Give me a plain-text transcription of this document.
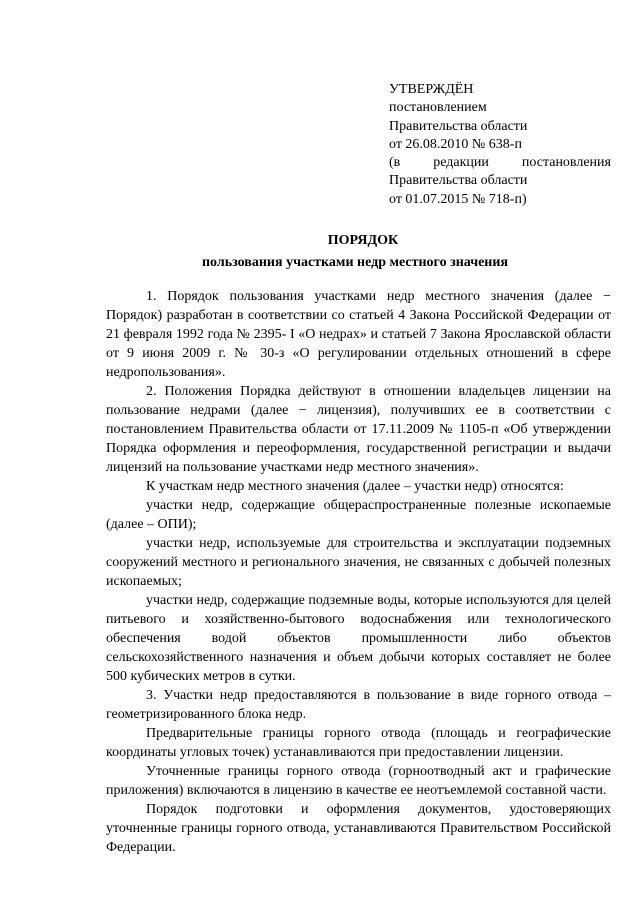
УТВЕРЖДЁН
постановлением
Правительства области
от 26.08.2010 № 638-п
(в редакции постановления
Правительства области
от 01.07.2015 № 718-п)
ПОРЯДОК
пользования участками недр местного значения

1. Порядок пользования участками недр местного значения (далее − Порядок) разработан в соответствии со статьей 4 Закона Российской Федерации от 21 февраля 1992 года № 2395- I «О недрах» и статьей 7 Закона Ярославской области от 9 июня 2009 г. № 30-з «О регулировании отдельных отношений в сфере недропользования».

2. Положения Порядка действуют в отношении владельцев лицензии на пользование недрами (далее − лицензия), получивших ее в соответствии с постановлением Правительства области от 17.11.2009 № 1105-п «Об утверждении Порядка оформления и переоформления, государственной регистрации и выдачи лицензий на пользование участками недр местного значения».

К участкам недр местного значения (далее – участки недр) относятся:

участки недр, содержащие общераспространенные полезные ископаемые (далее – ОПИ);

участки недр, используемые для строительства и эксплуатации подземных сооружений местного и регионального значения, не связанных с добычей полезных ископаемых;

участки недр, содержащие подземные воды, которые используются для целей питьевого и хозяйственно-бытового водоснабжения или технологического обеспечения водой объектов промышленности либо объектов сельскохозяйственного назначения и объем добычи которых составляет не более 500 кубических метров в сутки.

3. Участки недр предоставляются в пользование в виде горного отвода – геометризированного блока недр.

Предварительные границы горного отвода (площадь и географические координаты угловых точек) устанавливаются при предоставлении лицензии.

Уточненные границы горного отвода (горноотводный акт и графические приложения) включаются в лицензию в качестве ее неотъемлемой составной части.

Порядок подготовки и оформления документов, удостоверяющих уточненные границы горного отвода, устанавливаются Правительством Российской Федерации.
